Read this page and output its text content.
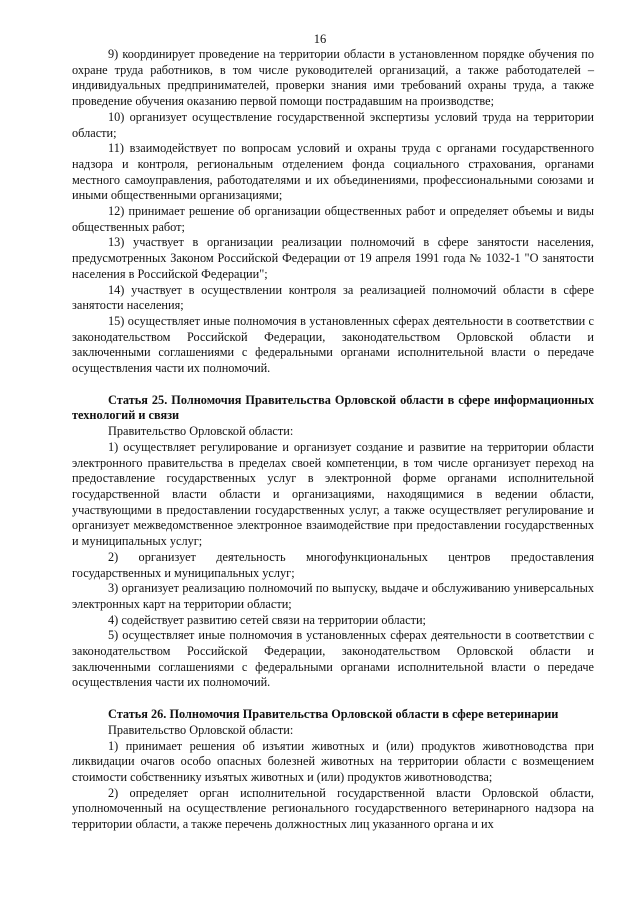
16

9) координирует проведение на территории области в установленном порядке обучения по охране труда работников, в том числе руководителей организаций, а также работодателей – индивидуальных предпринимателей, проверки знания ими требований охраны труда, а также проведение обучения оказанию первой помощи пострадавшим на производстве;

10) организует осуществление государственной экспертизы условий труда на территории области;

11) взаимодействует по вопросам условий и охраны труда с органами государственного надзора и контроля, региональным отделением фонда социального страхования, органами местного самоуправления, работодателями и их объединениями, профессиональными союзами и иными общественными организациями;

12) принимает решение об организации общественных работ и определяет объемы и виды общественных работ;

13) участвует в организации реализации полномочий в сфере занятости населения, предусмотренных Законом Российской Федерации от 19 апреля 1991 года № 1032-1 "О занятости населения в Российской Федерации";

14) участвует в осуществлении контроля за реализацией полномочий области в сфере занятости населения;

15) осуществляет иные полномочия в установленных сферах деятельности в соответствии с законодательством Российской Федерации, законодательством Орловской области и заключенными соглашениями с федеральными органами исполнительной власти о передаче осуществления части их полномочий.

Статья 25. Полномочия Правительства Орловской области в сфере информационных технологий и связи

Правительство Орловской области:

1) осуществляет регулирование и организует создание и развитие на территории области электронного правительства в пределах своей компетенции, в том числе организует переход на предоставление государственных услуг в электронной форме органами исполнительной государственной власти области и организациями, находящимися в ведении области, участвующими в предоставлении государственных услуг, а также осуществляет регулирование и организует межведомственное электронное взаимодействие при предоставлении государственных и муниципальных услуг;

2) организует деятельность многофункциональных центров предоставления государственных и муниципальных услуг;

3) организует реализацию полномочий по выпуску, выдаче и обслуживанию универсальных электронных карт на территории области;

4) содействует развитию сетей связи на территории области;

5) осуществляет иные полномочия в установленных сферах деятельности в соответствии с законодательством Российской Федерации, законодательством Орловской области и заключенными соглашениями с федеральными органами исполнительной власти о передаче осуществления части их полномочий.

Статья 26. Полномочия Правительства Орловской области в сфере ветеринарии

Правительство Орловской области:

1) принимает решения об изъятии животных и (или) продуктов животноводства при ликвидации очагов особо опасных болезней животных на территории области с возмещением стоимости собственнику изъятых животных и (или) продуктов животноводства;

2) определяет орган исполнительной государственной власти Орловской области, уполномоченный на осуществление регионального государственного ветеринарного надзора на территории области, а также перечень должностных лиц указанного органа и их
